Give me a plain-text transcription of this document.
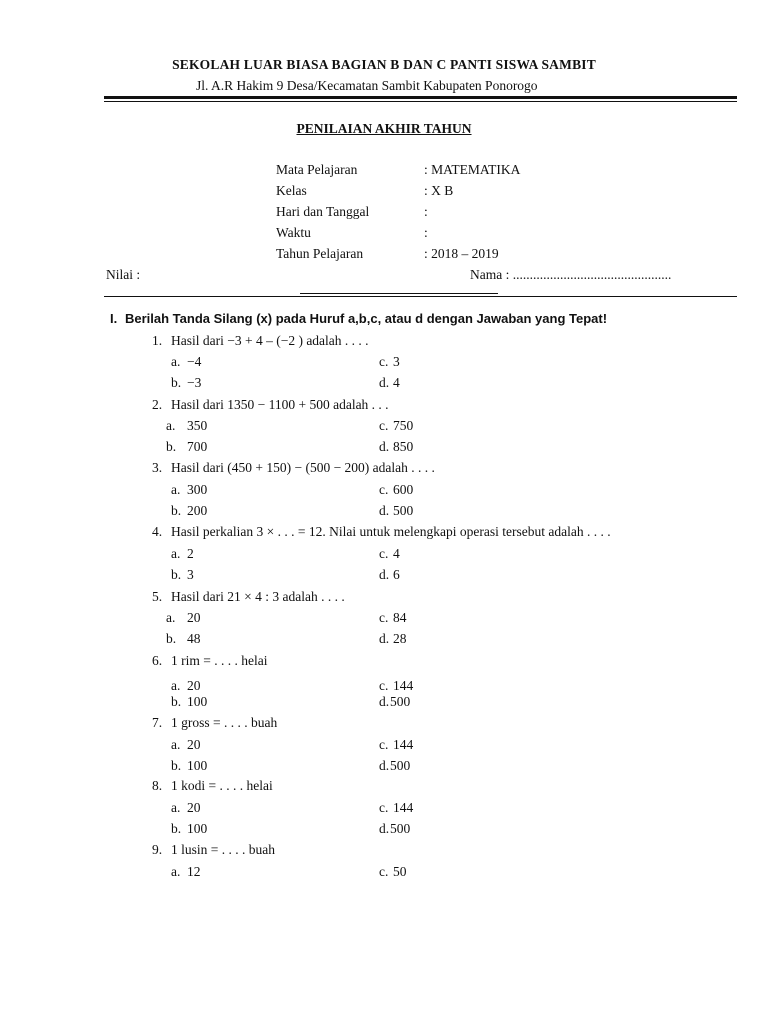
SEKOLAH LUAR BIASA BAGIAN B DAN C PANTI SISWA SAMBIT
Jl. A.R Hakim 9 Desa/Kecamatan Sambit Kabupaten Ponorogo
PENILAIAN AKHIR TAHUN
Mata Pelajaran	: MATEMATIKA
Kelas	: X B
Hari dan Tanggal	:
Waktu	:
Tahun Pelajaran	: 2018 – 2019
Nilai :	Nama : ...............................................
I. Berilah Tanda Silang (x) pada Huruf a,b,c, atau d dengan Jawaban yang Tepat!
1. Hasil dari −3 + 4 – (−2 ) adalah . . . .
a. −4	c. 3
b. −3	d. 4
2. Hasil dari 1350 − 1100 + 500 adalah . . .
a. 350	c. 750
b. 700	d. 850
3. Hasil dari (450 + 150) − (500 − 200) adalah . . . .
a. 300	c. 600
b. 200	d. 500
4. Hasil perkalian 3 × . . . = 12. Nilai untuk melengkapi operasi tersebut adalah . . . .
a. 2	c. 4
b. 3	d. 6
5. Hasil dari 21 × 4 : 3 adalah . . . .
a. 20	c. 84
b. 48	d. 28
6. 1 rim = . . . . helai
a. 20	c. 144
b. 100	d. 500
7. 1 gross = . . . . buah
a. 20	c. 144
b. 100	d. 500
8. 1 kodi = . . . . helai
a. 20	c. 144
b. 100	d. 500
9. 1 lusin = . . . . buah
a. 12	c. 50
